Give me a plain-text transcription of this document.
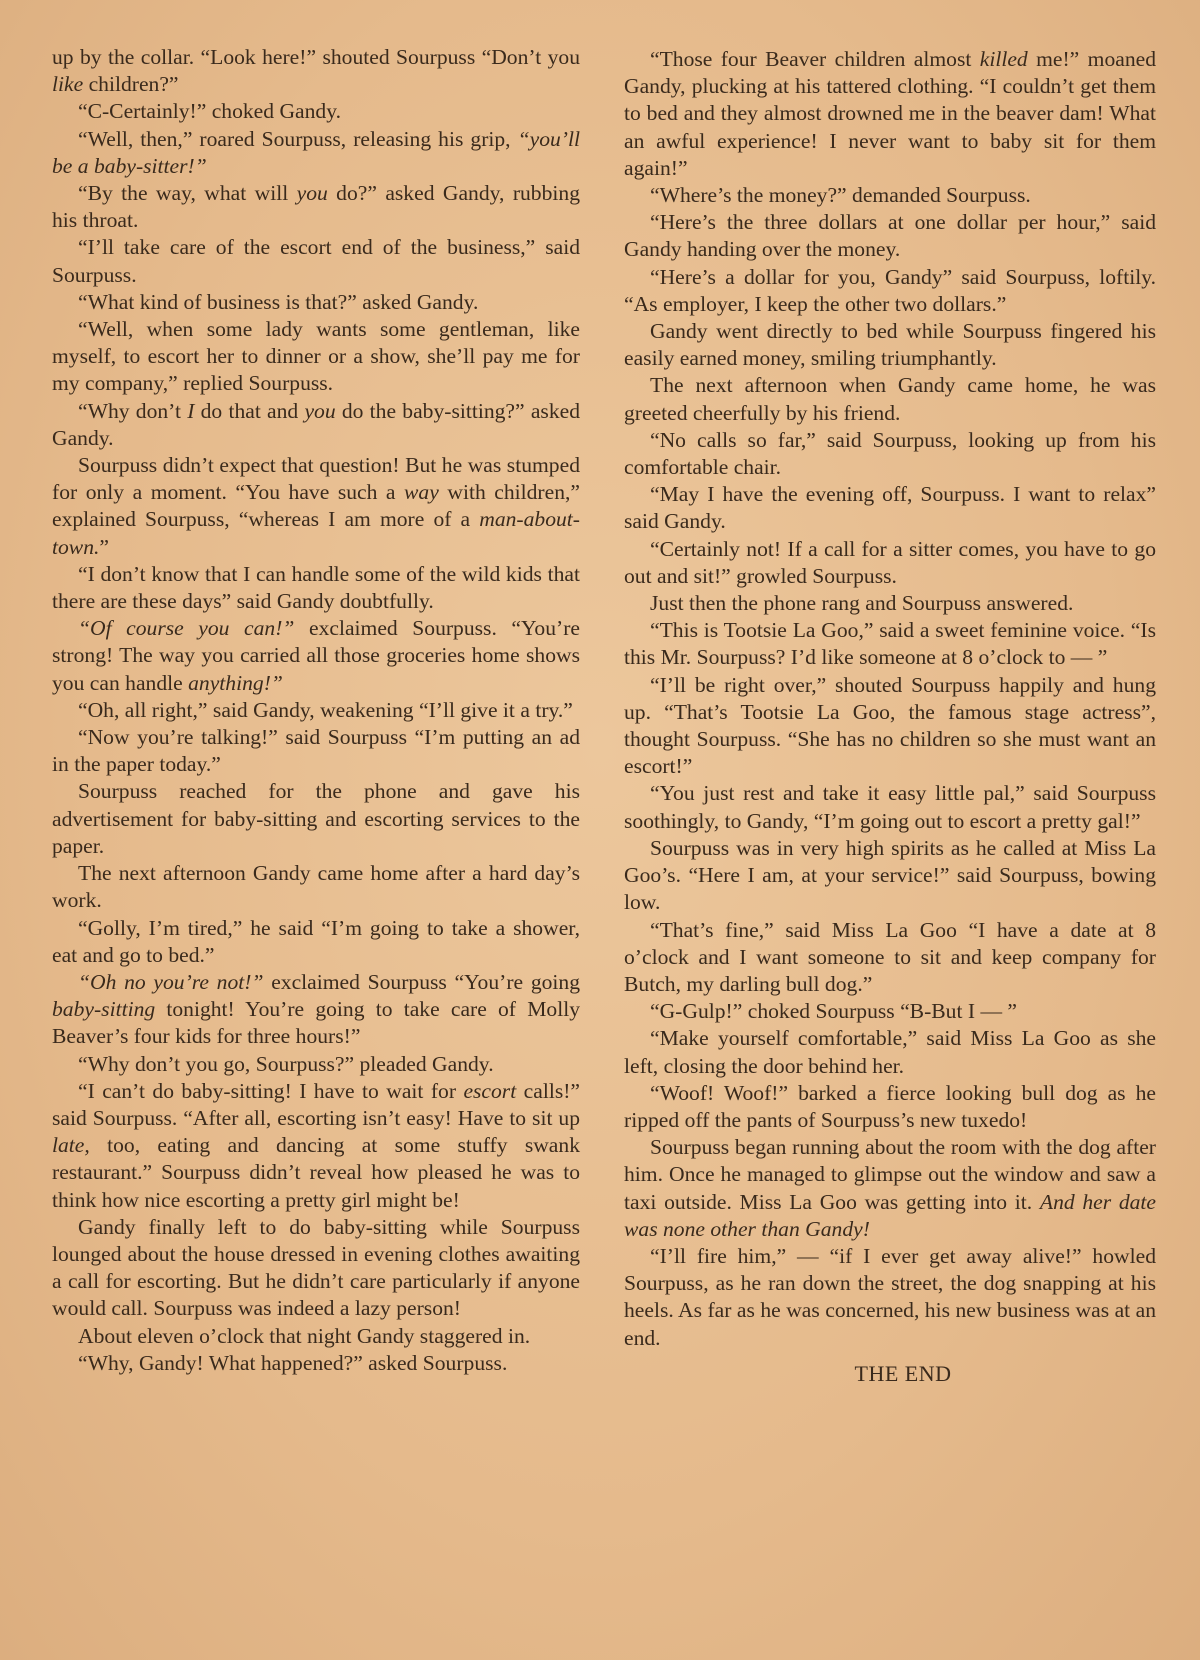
up by the collar. “Look here!” shouted Sourpuss “Don’t you like children?”

“C-Certainly!” choked Gandy.

“Well, then,” roared Sourpuss, releasing his grip, “you’ll be a baby-sitter!”

“By the way, what will you do?” asked Gandy, rubbing his throat.

“I’ll take care of the escort end of the business,” said Sourpuss.

“What kind of business is that?” asked Gandy.

“Well, when some lady wants some gentleman, like myself, to escort her to dinner or a show, she’ll pay me for my company,” replied Sourpuss.

“Why don’t I do that and you do the baby-sitting?” asked Gandy.

Sourpuss didn’t expect that question! But he was stumped for only a moment. “You have such a way with children,” explained Sourpuss, “whereas I am more of a man-about-town.”

“I don’t know that I can handle some of the wild kids that there are these days” said Gandy doubtfully.

“Of course you can!” exclaimed Sourpuss. “You’re strong! The way you carried all those groceries home shows you can handle anything!”

“Oh, all right,” said Gandy, weakening “I’ll give it a try.”

“Now you’re talking!” said Sourpuss “I’m putting an ad in the paper today.”

Sourpuss reached for the phone and gave his advertisement for baby-sitting and escorting services to the paper.

The next afternoon Gandy came home after a hard day’s work.

“Golly, I’m tired,” he said “I’m going to take a shower, eat and go to bed.”

“Oh no you’re not!” exclaimed Sourpuss “You’re going baby-sitting tonight! You’re going to take care of Molly Beaver’s four kids for three hours!”

“Why don’t you go, Sourpuss?” pleaded Gandy.

“I can’t do baby-sitting! I have to wait for escort calls!” said Sourpuss. “After all, escorting isn’t easy! Have to sit up late, too, eating and dancing at some stuffy swank restaurant.” Sourpuss didn’t reveal how pleased he was to think how nice escorting a pretty girl might be!

Gandy finally left to do baby-sitting while Sourpuss lounged about the house dressed in evening clothes awaiting a call for escorting. But he didn’t care particularly if anyone would call. Sourpuss was indeed a lazy person!

About eleven o’clock that night Gandy staggered in.

“Why, Gandy! What happened?” asked Sourpuss.

“Those four Beaver children almost killed me!” moaned Gandy, plucking at his tattered clothing. “I couldn’t get them to bed and they almost drowned me in the beaver dam! What an awful experience! I never want to baby sit for them again!”

“Where’s the money?” demanded Sourpuss.

“Here’s the three dollars at one dollar per hour,” said Gandy handing over the money.

“Here’s a dollar for you, Gandy” said Sourpuss, loftily. “As employer, I keep the other two dollars.”

Gandy went directly to bed while Sourpuss fingered his easily earned money, smiling triumphantly.

The next afternoon when Gandy came home, he was greeted cheerfully by his friend.

“No calls so far,” said Sourpuss, looking up from his comfortable chair.

“May I have the evening off, Sourpuss. I want to relax” said Gandy.

“Certainly not! If a call for a sitter comes, you have to go out and sit!” growled Sourpuss.

Just then the phone rang and Sourpuss answered.

“This is Tootsie La Goo,” said a sweet feminine voice. “Is this Mr. Sourpuss? I’d like someone at 8 o’clock to — ”

“I’ll be right over,” shouted Sourpuss happily and hung up. “That’s Tootsie La Goo, the famous stage actress”, thought Sourpuss. “She has no children so she must want an escort!”

“You just rest and take it easy little pal,” said Sourpuss soothingly, to Gandy, “I’m going out to escort a pretty gal!”

Sourpuss was in very high spirits as he called at Miss La Goo’s. “Here I am, at your service!” said Sourpuss, bowing low.

“That’s fine,” said Miss La Goo “I have a date at 8 o’clock and I want someone to sit and keep company for Butch, my darling bull dog.”

“G-Gulp!” choked Sourpuss “B-But I — ”

“Make yourself comfortable,” said Miss La Goo as she left, closing the door behind her.

“Woof! Woof!” barked a fierce looking bull dog as he ripped off the pants of Sourpuss’s new tuxedo!

Sourpuss began running about the room with the dog after him. Once he managed to glimpse out the window and saw a taxi outside. Miss La Goo was getting into it. And her date was none other than Gandy!

“I’ll fire him,” — “if I ever get away alive!” howled Sourpuss, as he ran down the street, the dog snapping at his heels. As far as he was concerned, his new business was at an end.

THE END
